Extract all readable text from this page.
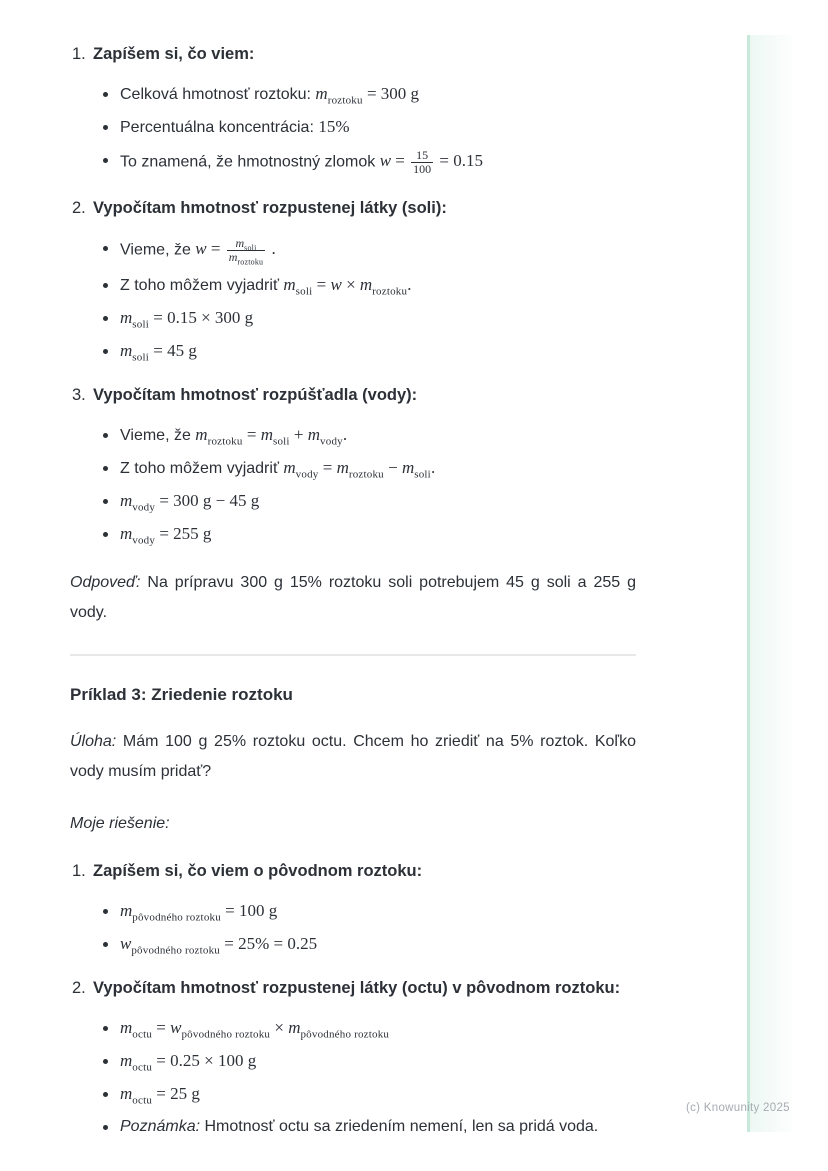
1. Zapíšem si, čo viem:
Celková hmotnosť roztoku: $m_{roztoku} = 300$ g
Percentuálna koncentrácia: 15%
To znamená, že hmotnostný zlomok $w = \frac{15}{100} = 0.15$
2. Vypočítam hmotnosť rozpustenej látky (soli):
Vieme, že $w = \frac{m_{soli}}{m_{roztoku}}$ .
Z toho môžem vyjadriť $m_{soli} = w \times m_{roztoku}$.
$m_{soli} = 0.15 \times 300$ g
$m_{soli} = 45$ g
3. Vypočítam hmotnosť rozpúšťadla (vody):
Vieme, že $m_{roztoku} = m_{soli} + m_{vody}$.
Z toho môžem vyjadriť $m_{vody} = m_{roztoku} - m_{soli}$.
$m_{vody} = 300$ g − 45 g
$m_{vody} = 255$ g

Odpoveď: Na prípravu 300 g 15% roztoku soli potrebujem 45 g soli a 255 g vody.

Príklad 3: Zriedenie roztoku

Úloha: Mám 100 g 25% roztoku octu. Chcem ho zriediť na 5% roztok. Koľko vody musím pridať?

Moje riešenie:

1. Zapíšem si, čo viem o pôvodnom roztoku:
$m_{pôvodného roztoku} = 100$ g
$w_{pôvodného roztoku} = 25\% = 0.25$
2. Vypočítam hmotnosť rozpustenej látky (octu) v pôvodnom roztoku:
$m_{octu} = w_{pôvodného roztoku} \times m_{pôvodného roztoku}$
$m_{octu} = 0.25 \times 100$ g
$m_{octu} = 25$ g
Poznámka: Hmotnosť octu sa zriedením nemení, len sa pridá voda.
(c) Knowunity 2025
